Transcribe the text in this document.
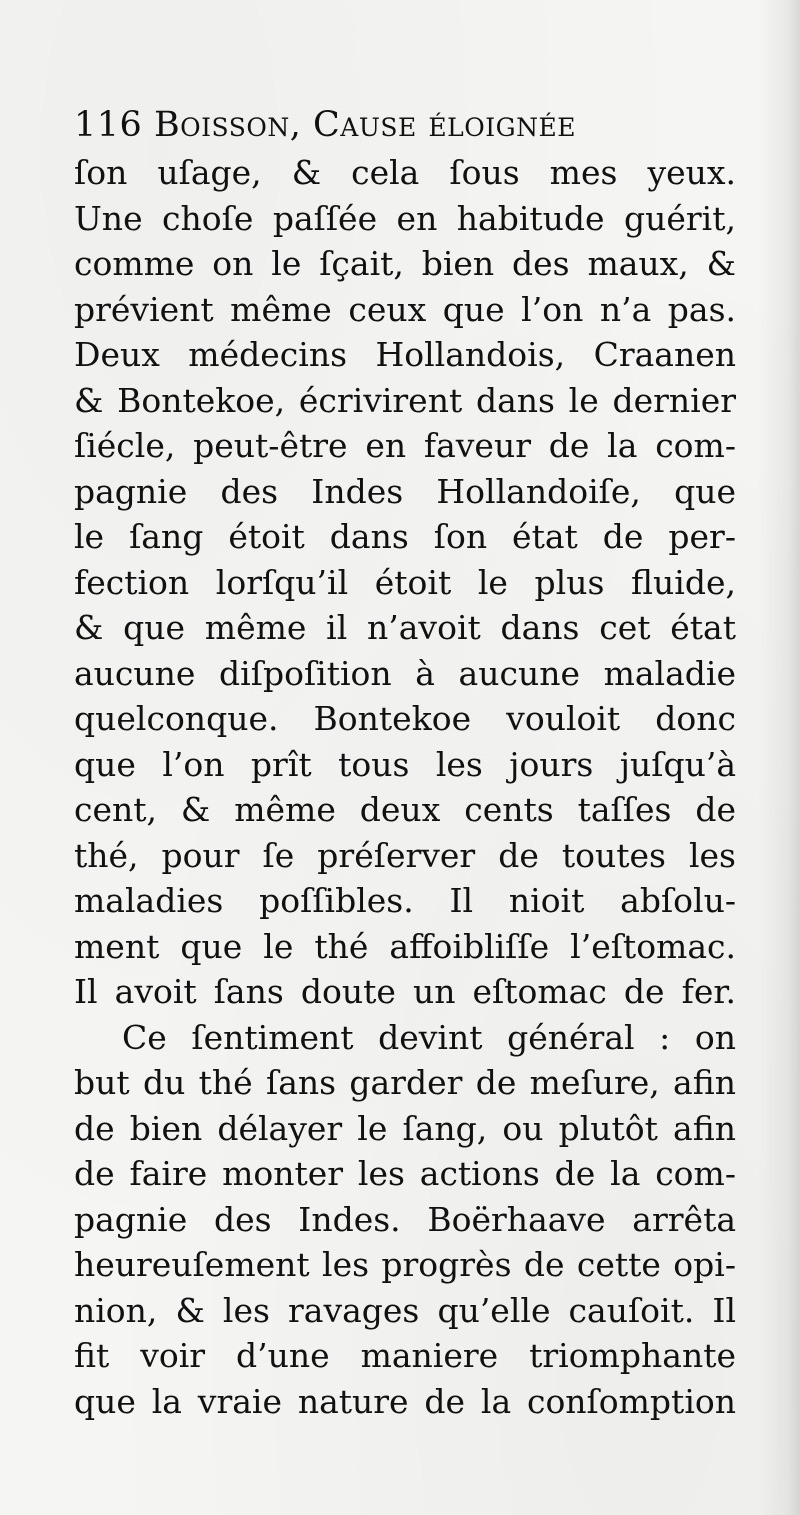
116 Boisson, Cause éloignée
ſon uſage, & cela ſous mes yeux.
Une choſe paſſée en habitude guérit,
comme on le ſçait, bien des maux, &
prévient même ceux que l’on n’a pas.
Deux médecins Hollandois, Craanen
& Bontekoe, écrivirent dans le dernier
ſiécle, peut-être en faveur de la com-
pagnie des Indes Hollandoiſe, que
le ſang étoit dans ſon état de per-
fection lorſqu’il étoit le plus fluide,
& que même il n’avoit dans cet état
aucune diſpoſition à aucune maladie
quelconque. Bontekoe vouloit donc
que l’on prît tous les jours juſqu’à
cent, & même deux cents taſſes de
thé, pour ſe préſerver de toutes les
maladies poſſibles. Il nioit abſolu-
ment que le thé affoibliſſe l’eſtomac.
Il avoit ſans doute un eſtomac de fer.
Ce ſentiment devint général : on
but du thé ſans garder de meſure, afin
de bien délayer le ſang, ou plutôt afin
de faire monter les actions de la com-
pagnie des Indes. Boërhaave arrêta
heureuſement les progrès de cette opi-
nion, & les ravages qu’elle cauſoit. Il
fit voir d’une maniere triomphante
que la vraie nature de la conſomption
